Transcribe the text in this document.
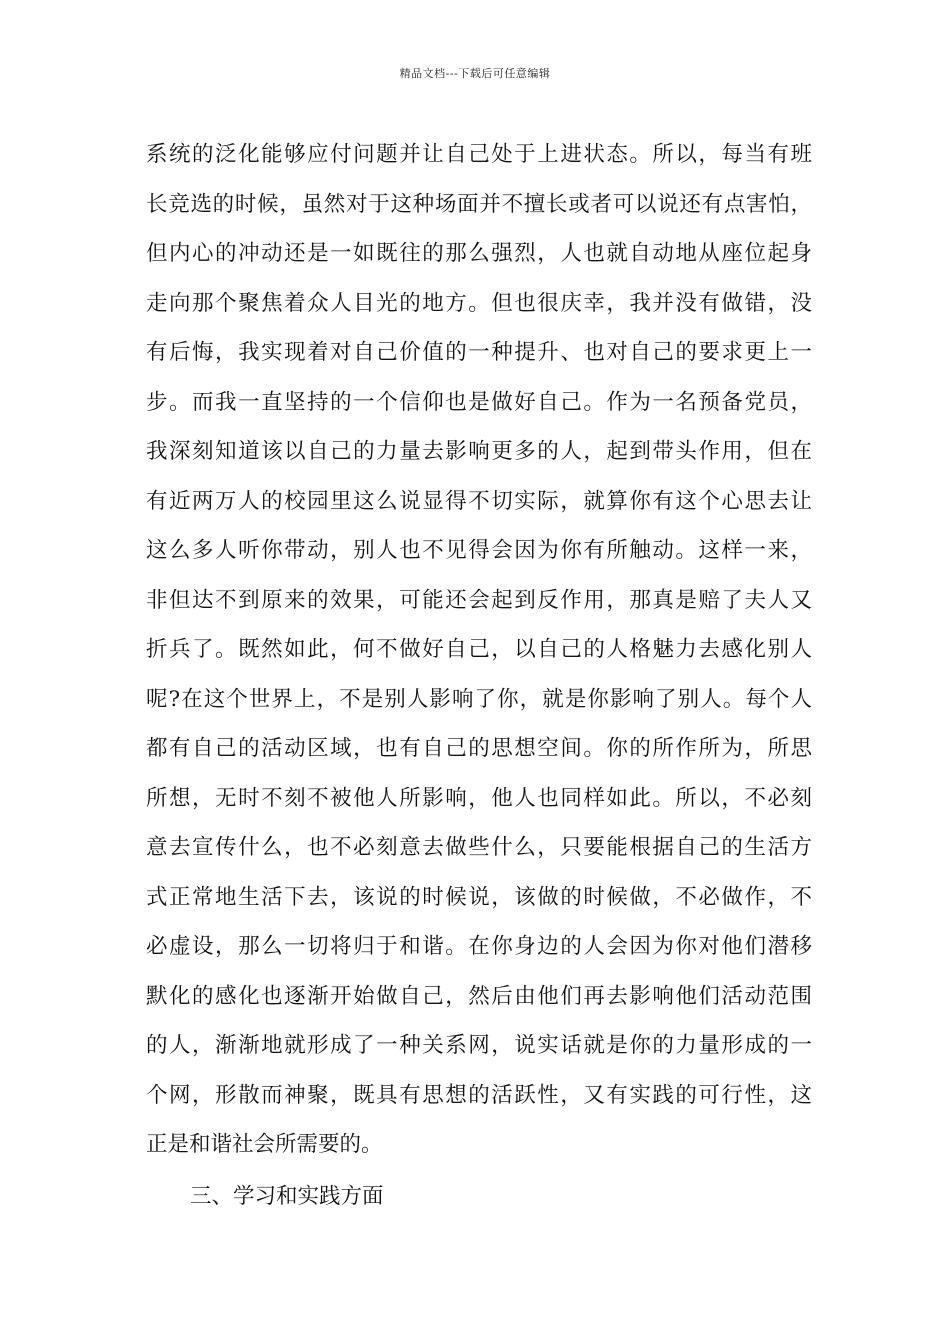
精品文档---下载后可任意编辑
系统的泛化能够应付问题并让自己处于上进状态。所以，每当有班
长竞选的时候，虽然对于这种场面并不擅长或者可以说还有点害怕，
但内心的冲动还是一如既往的那么强烈，人也就自动地从座位起身
走向那个聚焦着众人目光的地方。但也很庆幸，我并没有做错，没
有后悔，我实现着对自己价值的一种提升、也对自己的要求更上一
步。而我一直坚持的一个信仰也是做好自己。作为一名预备党员，
我深刻知道该以自己的力量去影响更多的人，起到带头作用，但在
有近两万人的校园里这么说显得不切实际，就算你有这个心思去让
这么多人听你带动，别人也不见得会因为你有所触动。这样一来，
非但达不到原来的效果，可能还会起到反作用，那真是赔了夫人又
折兵了。既然如此，何不做好自己，以自己的人格魅力去感化别人
呢?在这个世界上，不是别人影响了你，就是你影响了别人。每个人
都有自己的活动区域，也有自己的思想空间。你的所作所为，所思
所想，无时不刻不被他人所影响，他人也同样如此。所以，不必刻
意去宣传什么，也不必刻意去做些什么，只要能根据自己的生活方
式正常地生活下去，该说的时候说，该做的时候做，不必做作，不
必虚设，那么一切将归于和谐。在你身边的人会因为你对他们潜移
默化的感化也逐渐开始做自己，然后由他们再去影响他们活动范围
的人，渐渐地就形成了一种关系网，说实话就是你的力量形成的一
个网，形散而神聚，既具有思想的活跃性，又有实践的可行性，这
正是和谐社会所需要的。
三、学习和实践方面
